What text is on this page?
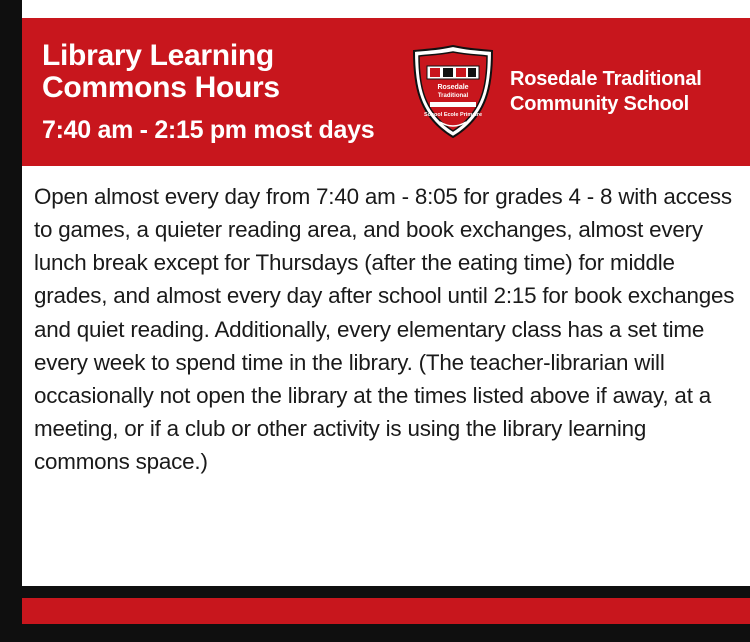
Library Learning
Commons Hours
7:40 am - 2:15 pm most days
Rosedale
Traditional
School Ecole Primaire
Rosedale Traditional
Community School

Open almost every day from 7:40 am - 8:05 for grades 4 - 8 with access to games, a quieter reading area, and book exchanges, almost every lunch break except for Thursdays (after the eating time) for middle grades, and almost every day after school until 2:15 for book exchanges and quiet reading. Additionally, every elementary class has a set time every week to spend time in the library. (The teacher-librarian will occasionally not open the library at the times listed above if away, at a meeting, or if a club or other activity is using the library learning commons space.)
